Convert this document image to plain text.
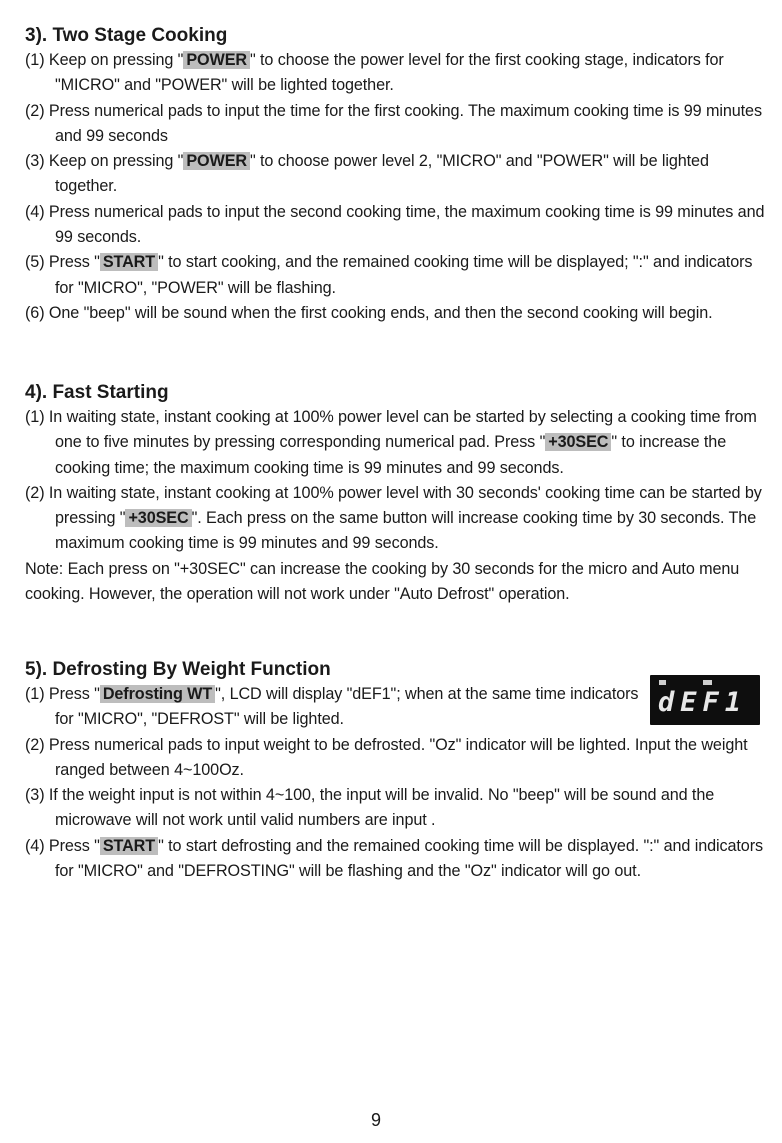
3). Two Stage Cooking
(1) Keep on pressing " POWER " to choose the power level for the first cooking stage, indicators for "MICRO" and "POWER" will be lighted together.
(2) Press numerical pads to input the time for the first cooking. The maximum cooking time is 99 minutes and 99 seconds
(3) Keep on pressing " POWER " to choose power level 2, "MICRO" and "POWER" will be lighted together.
(4) Press numerical pads to input the second cooking time, the maximum cooking time is 99 minutes and 99 seconds.
(5) Press " START " to start cooking, and the remained cooking time will be displayed; ":" and indicators for "MICRO", "POWER" will be flashing.
(6) One "beep" will be sound when the first cooking ends, and then the second cooking will begin.
4). Fast Starting
(1) In waiting state, instant cooking at 100% power level can be started by selecting a cooking time from one to five minutes by pressing corresponding numerical pad. Press " +30SEC " to increase the cooking time; the maximum cooking time is 99 minutes and 99 seconds.
(2) In waiting state, instant cooking at 100% power level with 30 seconds' cooking time can be started by pressing " +30SEC ". Each press on the same button will increase cooking time by 30 seconds. The maximum cooking time is 99 minutes and 99 seconds.
Note: Each press on "+30SEC" can increase the cooking by 30 seconds for the micro and Auto menu cooking. However, the operation will not work under "Auto Defrost" operation.
5). Defrosting By Weight Function
(1) Press " Defrosting WT ", LCD will display "dEF1"; when at the same time indicators for "MICRO", "DEFROST" will be lighted.
(2) Press numerical pads to input weight to be defrosted. "Oz" indicator will be lighted. Input the weight ranged between 4~100Oz.
(3) If the weight input is not within 4~100, the input will be invalid. No "beep" will be sound and the microwave will not work until valid numbers are input .
(4) Press " START " to start defrosting and the remained cooking time will be displayed. ":" and indicators for "MICRO" and "DEFROSTING" will be flashing and the "Oz" indicator will go out.
dEF1
9
